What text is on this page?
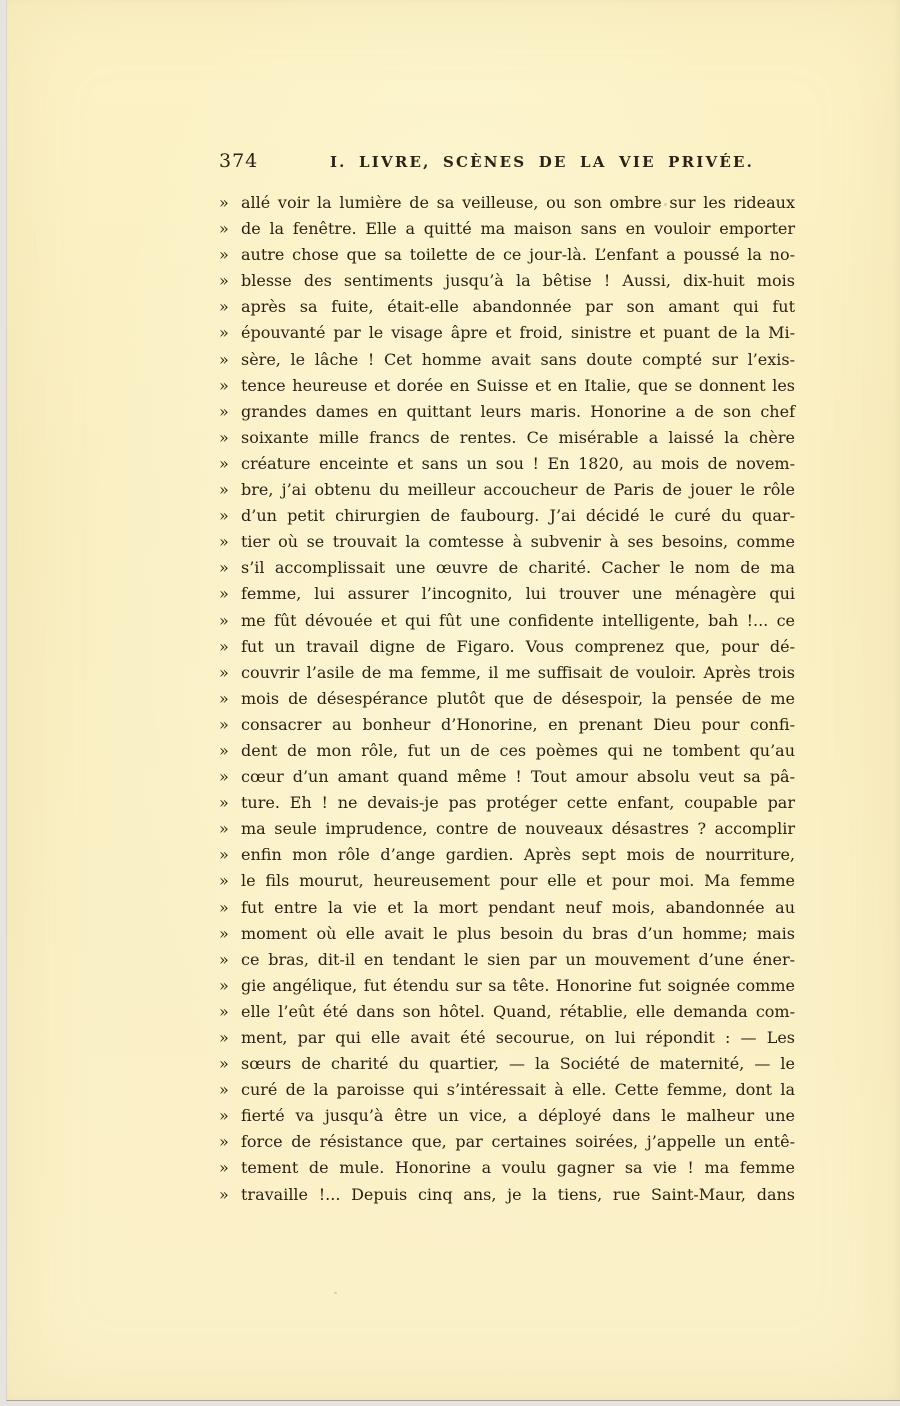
374	I. LIVRE, SCÈNES DE LA VIE PRIVÉE.
» allé voir la lumière de sa veilleuse, ou son ombre sur les rideaux
» de la fenêtre. Elle a quitté ma maison sans en vouloir emporter
» autre chose que sa toilette de ce jour-là. L’enfant a poussé la no-
» blesse des sentiments jusqu’à la bêtise ! Aussi, dix-huit mois
» après sa fuite, était-elle abandonnée par son amant qui fut
» épouvanté par le visage âpre et froid, sinistre et puant de la Mi-
» sère, le lâche ! Cet homme avait sans doute compté sur l’exis-
» tence heureuse et dorée en Suisse et en Italie, que se donnent les
» grandes dames en quittant leurs maris. Honorine a de son chef
» soixante mille francs de rentes. Ce misérable a laissé la chère
» créature enceinte et sans un sou ! En 1820, au mois de novem-
» bre, j’ai obtenu du meilleur accoucheur de Paris de jouer le rôle
» d’un petit chirurgien de faubourg. J’ai décidé le curé du quar-
» tier où se trouvait la comtesse à subvenir à ses besoins, comme
» s’il accomplissait une œuvre de charité. Cacher le nom de ma
» femme, lui assurer l’incognito, lui trouver une ménagère qui
» me fût dévouée et qui fût une confidente intelligente, bah !... ce
» fut un travail digne de Figaro. Vous comprenez que, pour dé-
» couvrir l’asile de ma femme, il me suffisait de vouloir. Après trois
» mois de désespérance plutôt que de désespoir, la pensée de me
» consacrer au bonheur d’Honorine, en prenant Dieu pour confi-
» dent de mon rôle, fut un de ces poèmes qui ne tombent qu’au
» cœur d’un amant quand même ! Tout amour absolu veut sa pâ-
» ture. Eh ! ne devais-je pas protéger cette enfant, coupable par
» ma seule imprudence, contre de nouveaux désastres ? accomplir
» enfin mon rôle d’ange gardien. Après sept mois de nourriture,
» le fils mourut, heureusement pour elle et pour moi. Ma femme
» fut entre la vie et la mort pendant neuf mois, abandonnée au
» moment où elle avait le plus besoin du bras d’un homme; mais
» ce bras, dit-il en tendant le sien par un mouvement d’une éner-
» gie angélique, fut étendu sur sa tête. Honorine fut soignée comme
» elle l’eût été dans son hôtel. Quand, rétablie, elle demanda com-
» ment, par qui elle avait été secourue, on lui répondit : — Les
» sœurs de charité du quartier, — la Société de maternité, — le
» curé de la paroisse qui s’intéressait à elle. Cette femme, dont la
» fierté va jusqu’à être un vice, a déployé dans le malheur une
» force de résistance que, par certaines soirées, j’appelle un entê-
» tement de mule. Honorine a voulu gagner sa vie ! ma femme
» travaille !... Depuis cinq ans, je la tiens, rue Saint-Maur, dans
